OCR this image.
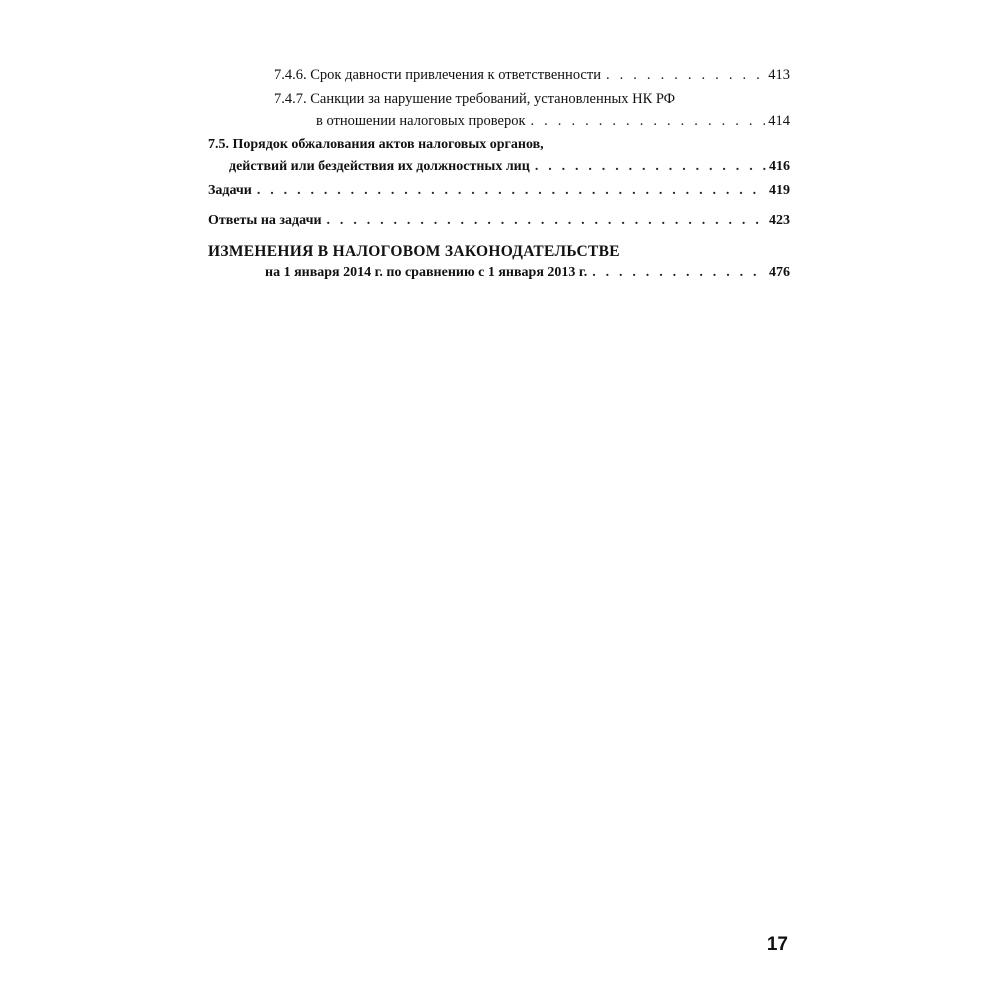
7.4.6. Срок давности привлечения к ответственности . . .	413
7.4.7. Санкции за нарушение требований, установленных НК РФ
в отношении налоговых проверок . . .	414
7.5. Порядок обжалования актов налоговых органов,
действий или бездействия их должностных лиц . . .	416
Задачи . . .	419
Ответы на задачи . . .	423
ИЗМЕНЕНИЯ В НАЛОГОВОМ ЗАКОНОДАТЕЛЬСТВЕ
на 1 января 2014 г. по сравнению с 1 января 2013 г. . . .	476
17
